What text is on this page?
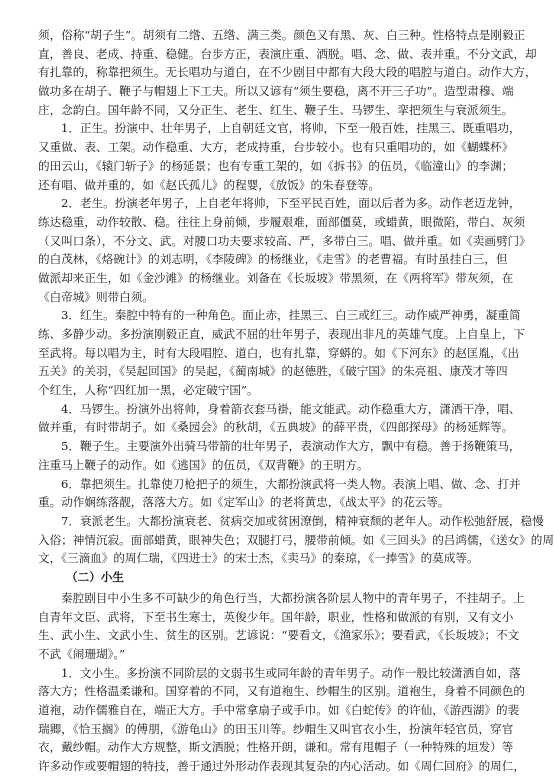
须，俗称“胡子生”。胡须有二绺、五绺、满三类。颜色又有黑、灰、白三种。性格特点是刚毅正
直，善良、老成、持重、稳健。台步方正，表演庄重、洒脱。唱、念、做、表并重。不分文武，却
有扎靠的，称靠把须生。无长唱功与道白，在不少剧目中都有大段大段的唱腔与道白。动作大方，
做功多在胡子、鞭子与帽翅上下工夫。所以又谚有“须生要稳，离不开三子功”。造型肃穆、端
庄，念韵白。国年龄不同，又分正生、老生、红生、鞭子生、马锣生、挛把须生与衰派须生。
1．正生。扮演中、壮年男子，上自朝廷文官，将帅，下至一般百姓，挂黑三、既重唱功，
又重做、表、工架。动作稳重、大方，老成持重，台步较小。也有只重唱功的，如《蝴蝶杯》
的田云山，《辕门斩子》的杨延景；也有专重工架的，如《拆书》的伍员，《临潼山》的李渊；
还有唱、做并重的，如《赵氏孤儿》的程婴，《放饭》的朱春登等。
2．老生。扮演老年男子，上自老年将帅，下至平民百姓，面以后者为多。动作老迈龙钟，
练达稳重，动作较散、稳。往往上身前倾，步履艰难，面部僵莫，或蜡黄，眼微陷，带白、灰须
（又叫口条），不分文、武。对腰口功夫要求较高、严，多带白三。唱、做并重。如《卖画劈门》
的白茂林，《烙碗计》的刘志明，《李陵碑》的杨继业，《走雪》的老曹福。有时虽挂白三，但
做派却来正生，如《金沙滩》的杨继业。刘备在《长坂坡》带黑须，在《两将军》带灰须，在
《白帝城》则带白须。
3．红生。秦腔中特有的一种角色。面止赤，挂黑三、白三或红三。动作威严神勇，凝重简
练、多静少动。多扮演刚毅正直，威武不屈的壮年男子，表现出非凡的英雄气度。上自皇上，下
至武将。每以唱为主，时有大段唱腔、道白，也有扎靠，穿蟒的。如《下河东》的赵匡胤，《出
五关》的关羽，《吴起回国》的吴起，《蔺南城》的赵德胜，《破宁国》的朱亮祖、康茂才等四
个红生，人称“四红加一黑，必定破宁国”。
4．马锣生。扮演外出将帅，身着箭衣套马褂，能文能武。动作稳重大方，潇洒干净，唱、
做并重，有时带胡子。如《桑园会》的秋胡，《五典坡》的薛平贵，《四郎探母》的杨延辉等。
5．鞭子生。主要演外出骑马带箭的壮年男子，表演动作大方，飘中有稳。善于扬鞭策马，
注重马上鞭子的动作。如《逃国》的伍员，《双背鞭》的王明方。
6．靠把须生。扎靠使刀枪把子的须生，大都扮演武将一类人物。表演上唱、做、念、打并
重。动作娴练落靓，落落大方。如《定军山》的老将黄忠，《战太平》的花云等。
7．衰派老生。大都扮演衰老、贫病交加或贫困潦倒，精神衰颓的老年人。动作松弛舒展，稳慢
入俗；神情沉寂。面部蜡黄，眼神失色；双腿打弓，腰带前倾。如《三回头》的吕鸿儒，《送女》的周
文，《三滴血》的周仁瑞，《四进士》的宋士杰，《卖马》的秦琼，《一捧雪》的莫成等。
（二）小生
秦腔剧目中小生多不可缺少的角色行当，大都扮演各阶层人物中的青年男子，不挂胡子。上
自青年文臣、武将，下至书生寒士，英俊少年。国年龄，职业，性格和做派的有别，又有文小
生、武小生、文武小生、贫生的区别。艺谚说：“要看文，《渔家乐》；要看武，《长坂坡》；不文
不武《闹珊瑚》。”
1．文小生。多扮演不同阶层的文弱书生或同年龄的青年男子。动作一般比较潇洒自如，落
落大方；性格温柔谦和。国穿着的不同，又有道袍生、纱帽生的区别。道袍生，身着不同颜色的
道袍，动作儒雅自在，端正大方。手中常拿扇子或手巾。如《白蛇传》的许仙，《游西湖》的裴
瑞卿，《恰玉搁》的傅朋，《游龟山》的田玉川等。纱帽生又叫官衣小生，扮演年轻官员，穿官
衣，戴纱帽。动作大方规整，斯文洒脱；性格开朗，谦和。常有甩帽子（一种特殊的垣发）等
许多动作或要帽翅的特技，善于通过外形动作表现其复杂的内心活动。如《周仁回府》的周仁，
